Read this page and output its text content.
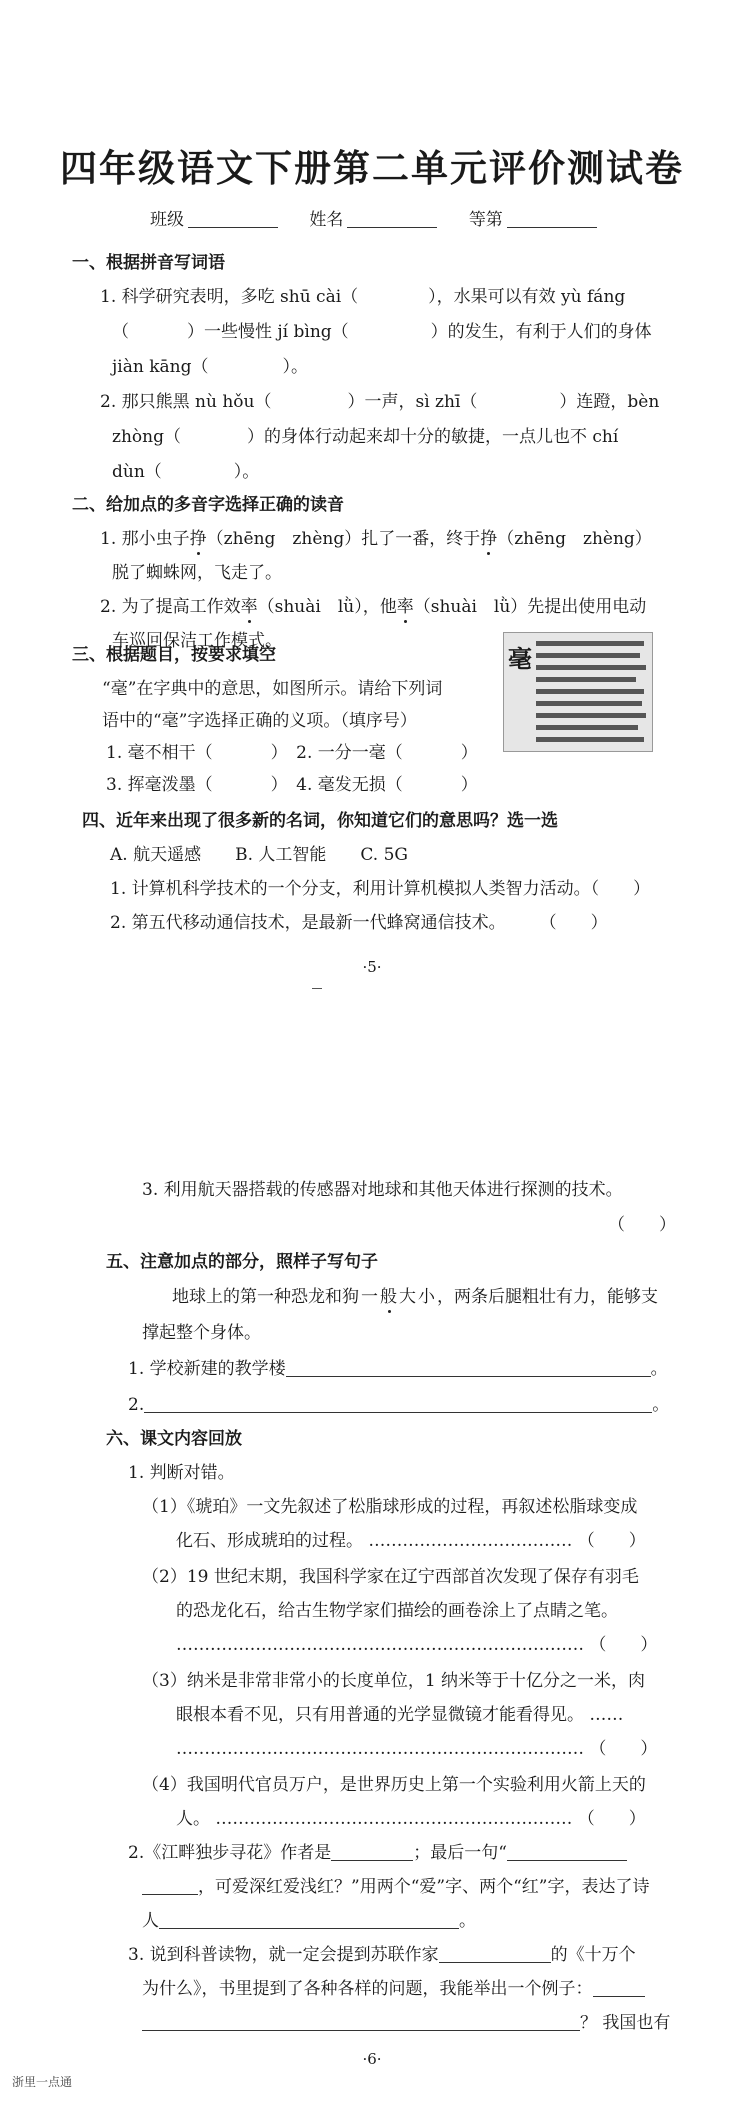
四年级语文下册第二单元评价测试卷
班级	姓名	等第
一、根据拼音写词语
1. 科学研究表明，多吃 shū cài（	），水果可以有效 yù fáng
（	）一些慢性 jí bìng（	）的发生，有利于人们的身体
jiàn kāng（	）。
2. 那只熊黑 nù hǒu（	）一声，sì zhī（	）连蹬，bèn
zhòng（	）的身体行动起来却十分的敏捷，一点儿也不 chí
dùn（	）。
二、给加点的多音字选择正确的读音
1. 那小虫子挣（zhēng　zhèng）扎了一番，终于挣（zhēng　zhèng）
脱了蜘蛛网，飞走了。
2. 为了提高工作效率（shuài　lǜ），他率（shuài　lǜ）先提出使用电动
车巡回保洁工作模式。
三、根据题目，按要求填空
“毫”在字典中的意思，如图所示。请给下列词
语中的“毫”字选择正确的义项。（填序号）
1. 毫不相干（	）　2. 一分一毫（	）
3. 挥毫泼墨（	）　4. 毫发无损（	）
毫
四、近年来出现了很多新的名词，你知道它们的意思吗？选一选
A. 航天遥感　　B. 人工智能　　C. 5G
1. 计算机科学技术的一个分支，利用计算机模拟人类智力活动。（　　）
2. 第五代移动通信技术，是最新一代蜂窝通信技术。　　　（　　）
·5·
3. 利用航天器搭载的传感器对地球和其他天体进行探测的技术。
（　　）
五、注意加点的部分，照样子写句子
地球上的第一种恐龙和狗一般大小，两条后腿粗壮有力，能够支
撑起整个身体。
1. 学校新建的教学楼	。
2.	。
六、课文内容回放
1. 判断对错。
（1）《琥珀》一文先叙述了松脂球形成的过程，再叙述松脂球变成
化石、形成琥珀的过程。 ……………………………… （　　）
（2）19 世纪末期，我国科学家在辽宁西部首次发现了保存有羽毛
的恐龙化石，给古生物学家们描绘的画卷涂上了点睛之笔。
……………………………………………………………… （　　）
（3）纳米是非常非常小的长度单位，1 纳米等于十亿分之一米，肉
眼根本看不见，只有用普通的光学显微镜才能看得见。 ……
……………………………………………………………… （　　）
（4）我国明代官员万户，是世界历史上第一个实验利用火箭上天的
人。 ……………………………………………………… （　　）
2.《江畔独步寻花》作者是	；最后一句“
，可爱深红爱浅红？”用两个“爱”字、两个“红”字，表达了诗
人	。
3. 说到科普读物，就一定会提到苏联作家	的《十万个
为什么》，书里提到了各种各样的问题，我能举出一个例子：
？ 我国也有
·6·
浙里一点通
